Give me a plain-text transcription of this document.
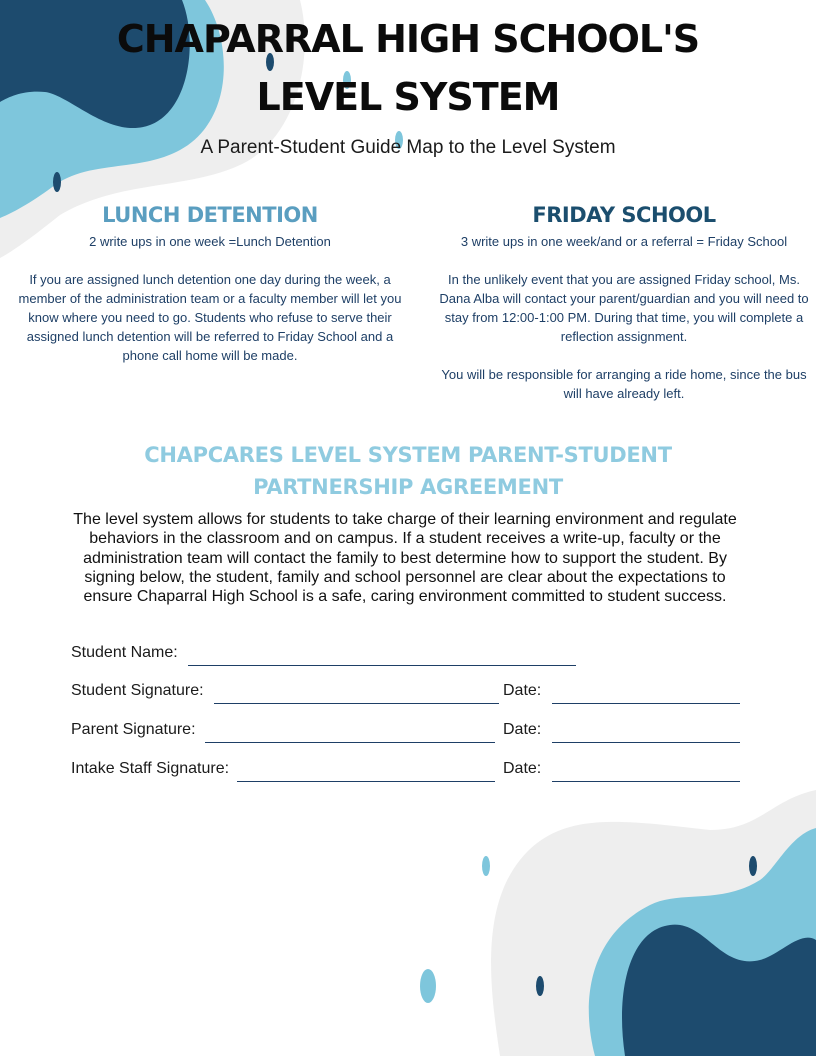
CHAPARRAL HIGH SCHOOL'S
LEVEL SYSTEM
A Parent-Student Guide Map to the Level System
LUNCH DETENTION
2 write ups in one week =Lunch Detention

If you are assigned lunch detention one day during the week, a member of the administration team or a faculty member will let you know where you need to go. Students who refuse to serve their assigned lunch detention will be referred to Friday School and a phone call home will be made.

FRIDAY SCHOOL
3 write ups in one week/and or a referral = Friday School

In the unlikely event that you are assigned Friday school, Ms. Dana Alba will contact your parent/guardian and you will need to stay from 12:00-1:00 PM. During that time, you will complete a reflection assignment.

You will be responsible for arranging a ride home, since the bus will have already left.

CHAPCARES LEVEL SYSTEM PARENT-STUDENT
PARTNERSHIP AGREEMENT
The level system allows for students to take charge of their learning environment and regulate behaviors in the classroom and on campus. If a student receives a write-up, faculty or the administration team will contact the family to best determine how to support the student. By signing below, the student, family and school personnel are clear about the expectations to ensure Chaparral High School is a safe, caring environment committed to student success.
Student Name:
Student Signature:	Date:
Parent Signature:	Date:
Intake Staff Signature:	Date:
